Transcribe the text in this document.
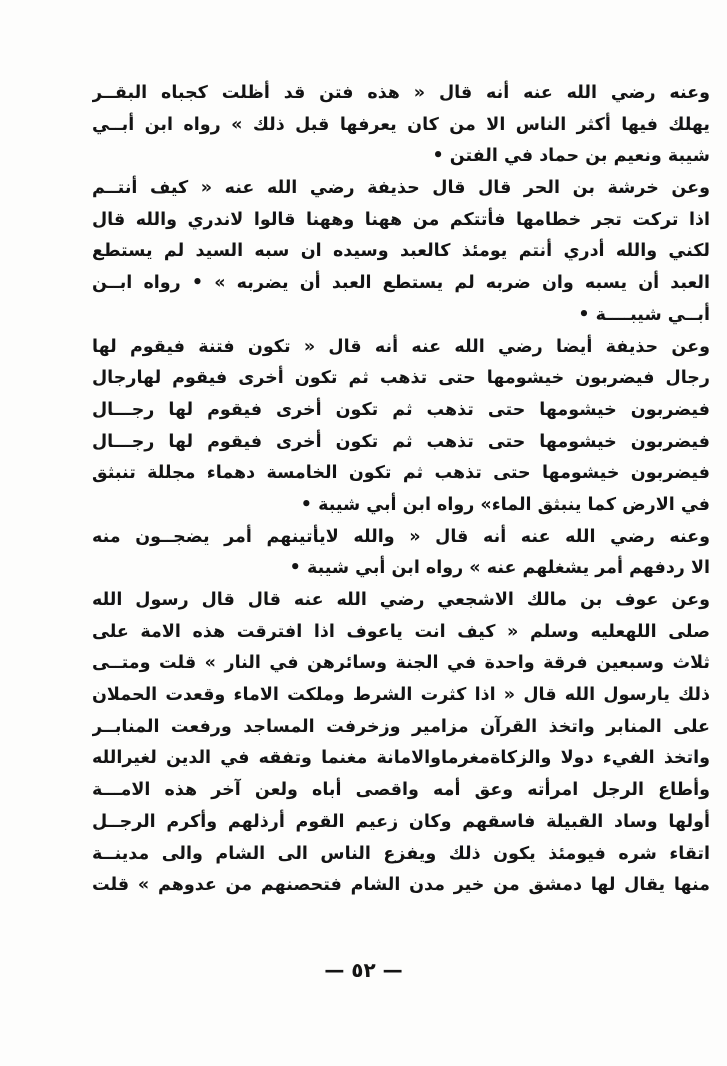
وعنه رضي الله عنه أنه قال « هذه فتن قد أظلت كجباه البقــر
يهلك فيها أكثر الناس الا من كان يعرفها قبل ذلك » رواه ابن أبــي
شيبة ونعيم بن حماد في الفتن •
وعن خرشة بن الحر قال قال حذيفة رضي الله عنه « كيف أنتــم
اذا تركت تجر خطامها فأتتكم من ههنا وههنا قالوا لاندري والله قال
لكني والله أدري أنتم يومئذ كالعبد وسيده ان سبه السيد لم يستطع
العبد أن يسبه وان ضربه لم يستطع العبد أن يضربه » • رواه ابــن
أبــي شيبــــة •
وعن حذيفة أيضا رضي الله عنه أنه قال « تكون فتنة فيقوم لها
رجال فيضربون خيشومها حتى تذهب ثم تكون أخرى فيقوم لهارجال
فيضربون خيشومها حتى تذهب ثم تكون أخرى فيقوم لها رجـــال
فيضربون خيشومها حتى تذهب ثم تكون أخرى فيقوم لها رجـــال
فيضربون خيشومها حتى تذهب ثم تكون الخامسة دهماء مجللة تنبثق
في الارض كما ينبثق الماء» رواه ابن أبي شيبة •
وعنه رضي الله عنه أنه قال « والله لايأتينهم أمر يضجــون منه
الا ردفهم أمر يشغلهم عنه » رواه ابن أبي شيبة •
وعن عوف بن مالك الاشجعي رضي الله عنه قال قال رسول الله
صلى اللهعليه وسلم « كيف انت ياعوف اذا افترقت هذه الامة على
ثلاث وسبعين فرقة واحدة في الجنة وسائرهن في النار » قلت ومتــى
ذلك يارسول الله قال « اذا كثرت الشرط وملكت الاماء وقعدت الحملان
على المنابر واتخذ القرآن مزامير وزخرفت المساجد ورفعت المنابــر
واتخذ الفيء دولا والزكاةمغرماوالامانة مغنما وتفقه في الدين لغيرالله
وأطاع الرجل امرأته وعق أمه واقصى أباه ولعن آخر هذه الامـــة
أولها وساد القبيلة فاسقهم وكان زعيم القوم أرذلهم وأكرم الرجــل
اتقاء شره فيومئذ يكون ذلك ويفزع الناس الى الشام والى مدينــة
منها يقال لها دمشق من خير مدن الشام فتحصنهم من عدوهم » قلت
— ٥٢ —
